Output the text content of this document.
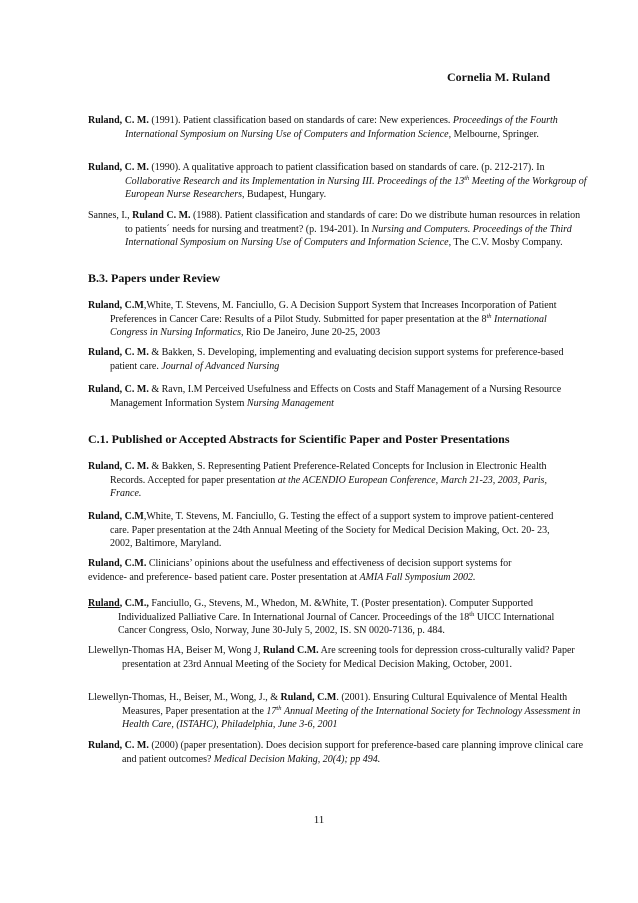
Cornelia M. Ruland
Ruland, C. M. (1991). Patient classification based on standards of care: New experiences. Proceedings of the Fourth International Symposium on Nursing Use of Computers and Information Science, Melbourne, Springer.
Ruland, C. M. (1990). A qualitative approach to patient classification based on standards of care. (p. 212-217). In Collaborative Research and its Implementation in Nursing III. Proceedings of the 13th Meeting of the Workgroup of European Nurse Researchers, Budapest, Hungary.
Sannes, I., Ruland C. M. (1988). Patient classification and standards of care: Do we distribute human resources in relation to patients´ needs for nursing and treatment? (p. 194-201). In Nursing and Computers. Proceedings of the Third International Symposium on Nursing Use of Computers and Information Science, The C.V. Mosby Company.
B.3. Papers under Review
Ruland, C.M,White, T. Stevens, M. Fanciullo, G. A Decision Support System that Increases Incorporation of Patient Preferences in Cancer Care: Results of a Pilot Study. Submitted for paper presentation at the 8th International Congress in Nursing Informatics, Rio De Janeiro, June 20-25, 2003
Ruland, C. M. & Bakken, S. Developing, implementing and evaluating decision support systems for preference-based patient care. Journal of Advanced Nursing
Ruland, C. M. & Ravn, I.M Perceived Usefulness and Effects on Costs and Staff Management of a Nursing Resource Management Information System Nursing Management
C.1. Published or Accepted Abstracts for Scientific Paper and Poster Presentations
Ruland, C. M. & Bakken, S. Representing Patient Preference-Related Concepts for Inclusion in Electronic Health Records. Accepted for paper presentation at the ACENDIO European Conference, March 21-23, 2003, Paris, France.
Ruland, C.M,White, T. Stevens, M. Fanciullo, G. Testing the effect of a support system to improve patient-centered care. Paper presentation at the 24th Annual Meeting of the Society for Medical Decision Making, Oct. 20- 23, 2002, Baltimore, Maryland.
Ruland, C.M. Clinicians’ opinions about the usefulness and effectiveness of decision support systems for evidence- and preference- based patient care. Poster presentation at AMIA Fall Symposium 2002.
Ruland, C.M., Fanciullo, G., Stevens, M., Whedon, M. &White, T. (Poster presentation). Computer Supported Individualized Palliative Care. In International Journal of Cancer. Proceedings of the 18th UICC International Cancer Congress, Oslo, Norway, June 30-July 5, 2002, IS. SN 0020-7136, p. 484.
Llewellyn-Thomas HA, Beiser M, Wong J, Ruland C.M. Are screening tools for depression cross-culturally valid? Paper presentation at 23rd Annual Meeting of the Society for Medical Decision Making, October, 2001.
Llewellyn-Thomas, H., Beiser, M., Wong, J., & Ruland, C.M. (2001). Ensuring Cultural Equivalence of Mental Health Measures, Paper presentation at the 17th Annual Meeting of the International Society for Technology Assessment in Health Care, (ISTAHC), Philadelphia, June 3-6, 2001
Ruland, C. M. (2000) (paper presentation). Does decision support for preference-based care planning improve clinical care and patient outcomes? Medical Decision Making, 20(4); pp 494.
11
